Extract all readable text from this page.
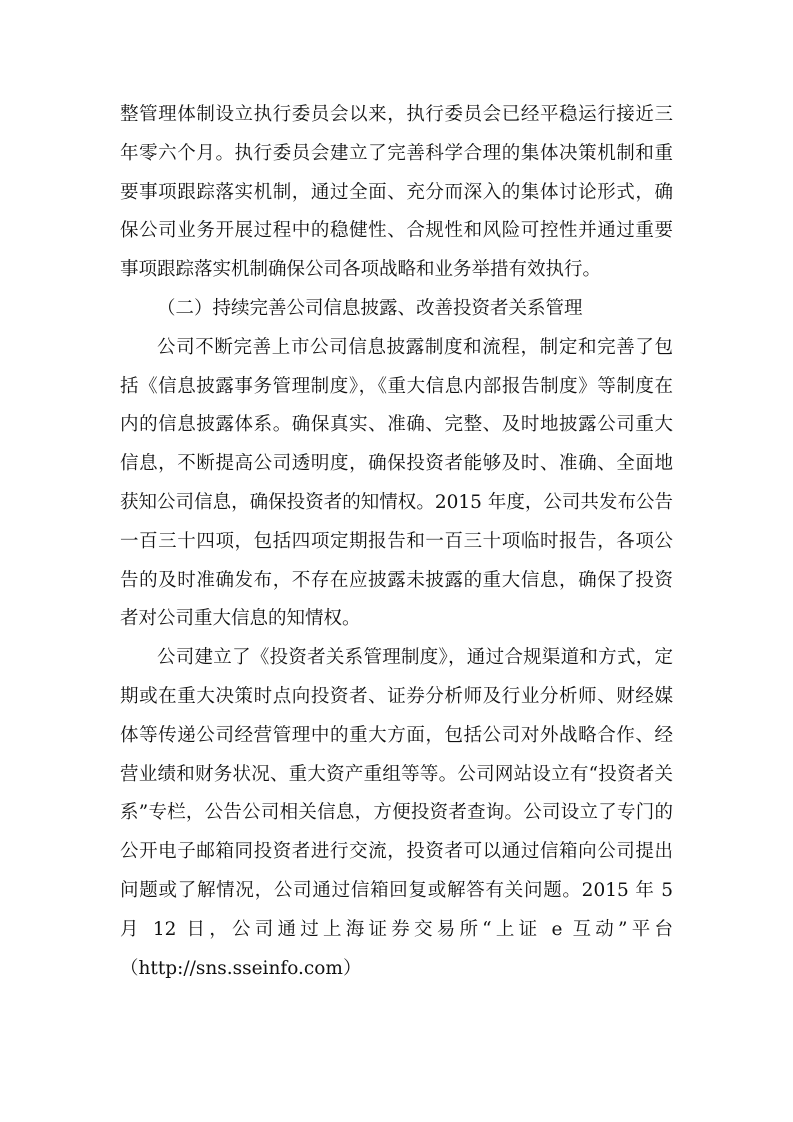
整管理体制设立执行委员会以来，执行委员会已经平稳运行接近三年零六个月。执行委员会建立了完善科学合理的集体决策机制和重要事项跟踪落实机制，通过全面、充分而深入的集体讨论形式，确保公司业务开展过程中的稳健性、合规性和风险可控性并通过重要事项跟踪落实机制确保公司各项战略和业务举措有效执行。

（二）持续完善公司信息披露、改善投资者关系管理

公司不断完善上市公司信息披露制度和流程，制定和完善了包括《信息披露事务管理制度》，《重大信息内部报告制度》等制度在内的信息披露体系。确保真实、准确、完整、及时地披露公司重大信息，不断提高公司透明度，确保投资者能够及时、准确、全面地获知公司信息，确保投资者的知情权。2015 年度，公司共发布公告一百三十四项，包括四项定期报告和一百三十项临时报告，各项公告的及时准确发布，不存在应披露未披露的重大信息，确保了投资者对公司重大信息的知情权。

公司建立了《投资者关系管理制度》，通过合规渠道和方式，定期或在重大决策时点向投资者、证券分析师及行业分析师、财经媒体等传递公司经营管理中的重大方面，包括公司对外战略合作、经营业绩和财务状况、重大资产重组等等。公司网站设立有“投资者关系”专栏，公告公司相关信息，方便投资者查询。公司设立了专门的公开电子邮箱同投资者进行交流，投资者可以通过信箱向公司提出问题或了解情况，公司通过信箱回复或解答有关问题。2015 年 5 月 12 日，公司通过上海证券交易所“上证 e 互动”平台（http://sns.sseinfo.com）
